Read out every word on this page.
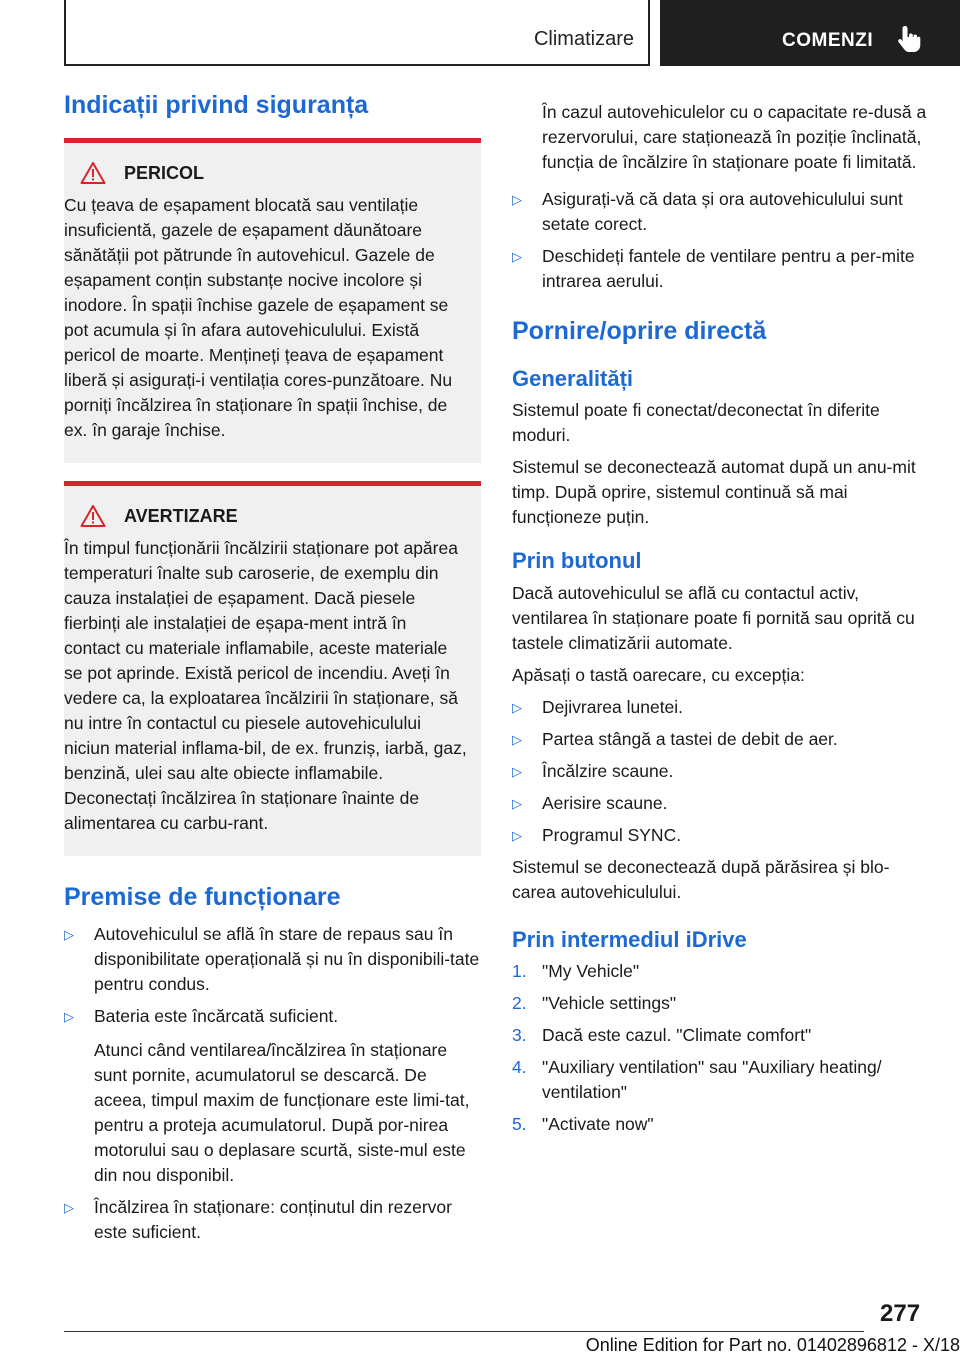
Climatizare	COMENZI
Indicații privind siguranța
PERICOL
Cu țeava de eșapament blocată sau ventilație insuficientă, gazele de eșapament dăunătoare sănătății pot pătrunde în autovehicul. Gazele de eșapament conțin substanțe nocive incolore și inodore. În spații închise gazele de eșapament se pot acumula și în afara autovehiculului. Există pericol de moarte. Mențineți țeava de eșapament liberă și asigurați-i ventilația cores-punzătoare. Nu porniți încălzirea în staționare în spații închise, de ex. în garaje închise.
AVERTIZARE
În timpul funcționării încălzirii staționare pot apărea temperaturi înalte sub caroserie, de exemplu din cauza instalației de eșapament. Dacă piesele fierbinți ale instalației de eșapa-ment intră în contact cu materiale inflamabile, aceste materiale se pot aprinde. Există pericol de incendiu. Aveți în vedere ca, la exploatarea încălzirii în staționare, să nu intre în contactul cu piesele autovehiculului niciun material inflama-bil, de ex. frunziș, iarbă, gaz, benzină, ulei sau alte obiecte inflamabile. Deconectați încălzirea în staționare înainte de alimentarea cu carbu-rant.
Premise de funcționare
▷ Autovehiculul se află în stare de repaus sau în disponibilitate operațională și nu în disponibili-tate pentru condus.
▷ Bateria este încărcată suficient.
Atunci când ventilarea/încălzirea în staționare sunt pornite, acumulatorul se descarcă. De aceea, timpul maxim de funcționare este limi-tat, pentru a proteja acumulatorul. După por-nirea motorului sau o deplasare scurtă, siste-mul este din nou disponibil.
▷ Încălzirea în staționare: conținutul din rezervor este suficient.

În cazul autovehiculelor cu o capacitate re-dusă a rezervorului, care staționează în poziție înclinată, funcția de încălzire în staționare poate fi limitată.

▷ Asigurați-vă că data și ora autovehiculului sunt setate corect.
▷ Deschideți fantele de ventilare pentru a per-mite intrarea aerului.
Pornire/oprire directă
Generalități

Sistemul poate fi conectat/deconectat în diferite moduri.

Sistemul se deconectează automat după un anu-mit timp. După oprire, sistemul continuă să mai funcționeze puțin.

Prin butonul

Dacă autovehiculul se află cu contactul activ, ventilarea în staționare poate fi pornită sau oprită cu tastele climatizării automate.

Apăsați o tastă oarecare, cu excepția:

▷ Dejivrarea lunetei.
▷ Partea stângă a tastei de debit de aer.
▷ Încălzire scaune.
▷ Aerisire scaune.
▷ Programul SYNC.

Sistemul se deconectează după părăsirea și blo-carea autovehiculului.

Prin intermediul iDrive
1. "My Vehicle"
2. "Vehicle settings"
3. Dacă este cazul. "Climate comfort"
4. "Auxiliary ventilation" sau "Auxiliary heating/ ventilation"
5. "Activate now"
277
Online Edition for Part no. 01402896812 - X/18
